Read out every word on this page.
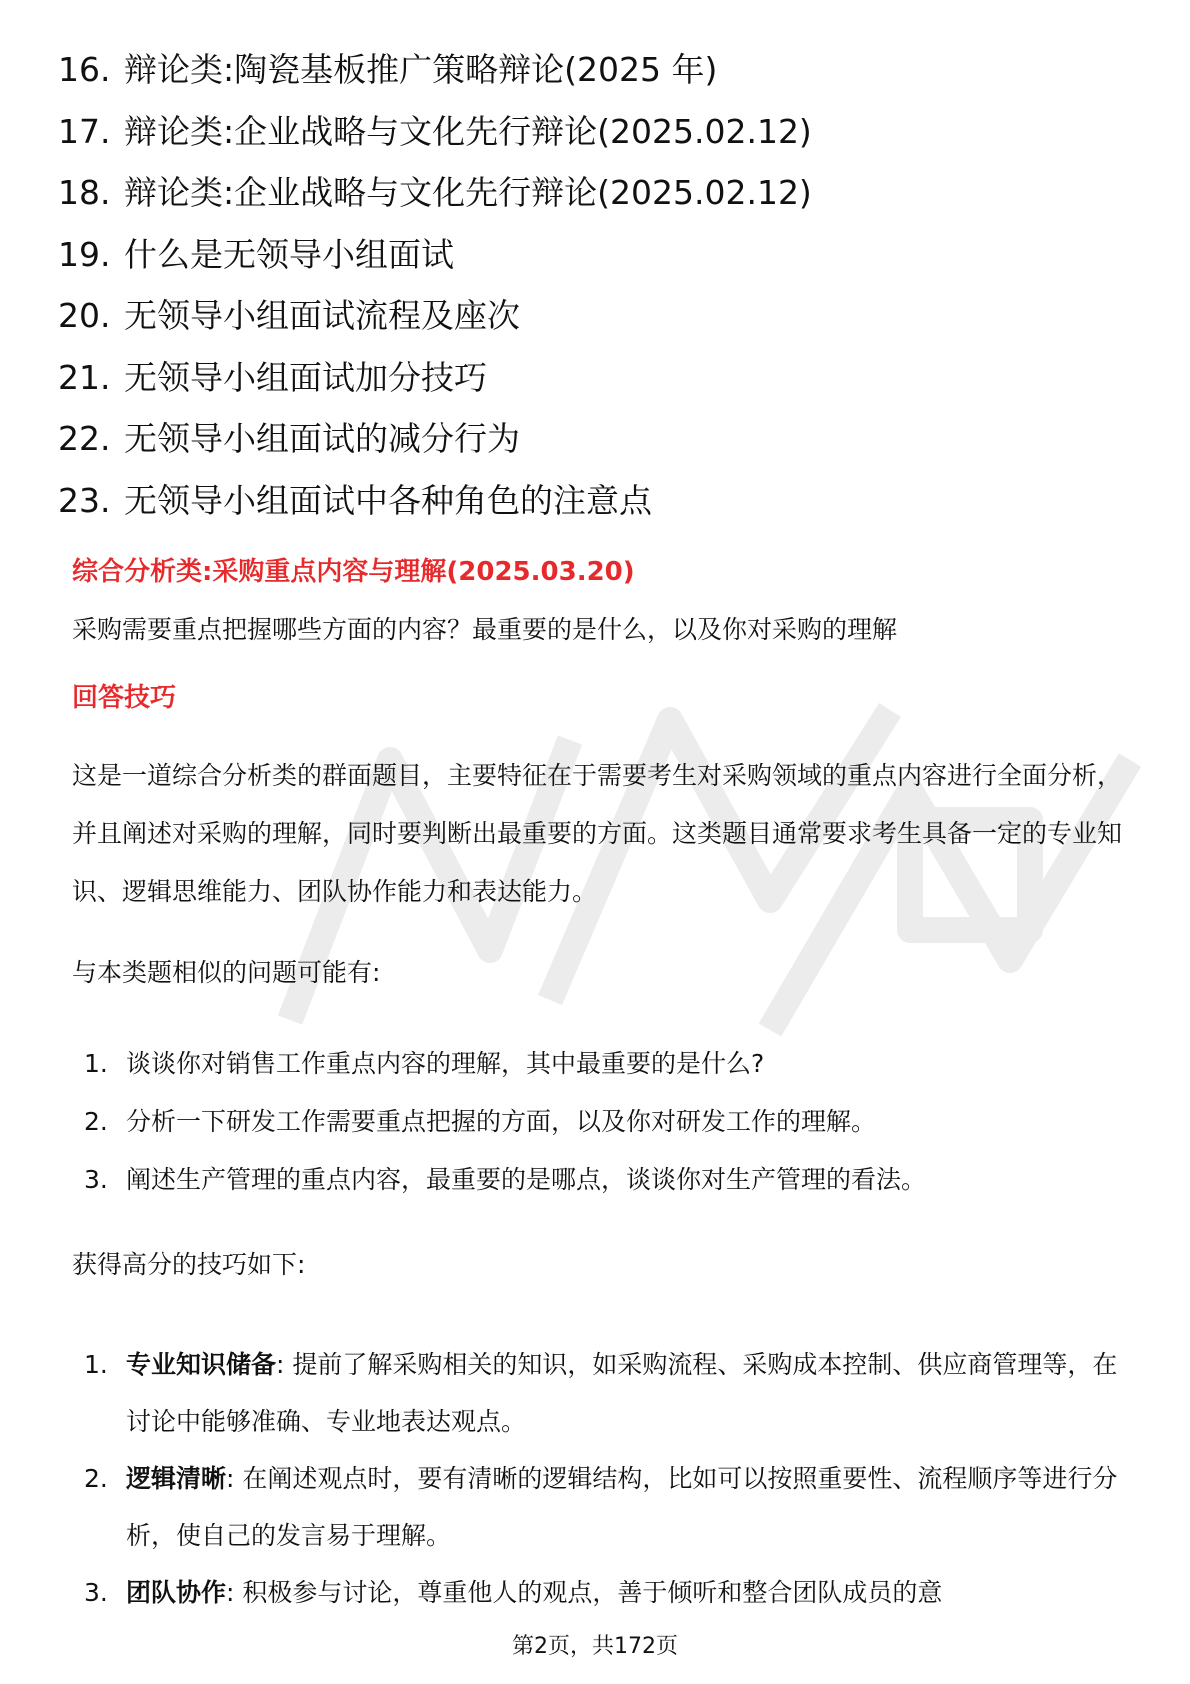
16. 辩论类:陶瓷基板推广策略辩论(2025 年)
17. 辩论类:企业战略与文化先行辩论(2025.02.12)
18. 辩论类:企业战略与文化先行辩论(2025.02.12)
19. 什么是无领导小组面试
20. 无领导小组面试流程及座次
21. 无领导小组面试加分技巧
22. 无领导小组面试的减分行为
23. 无领导小组面试中各种角色的注意点
综合分析类:采购重点内容与理解(2025.03.20)
采购需要重点把握哪些方面的内容？最重要的是什么，以及你对采购的理解
回答技巧
这是一道综合分析类的群面题目，主要特征在于需要考生对采购领域的重点内容进行全面分析，并且阐述对采购的理解，同时要判断出最重要的方面。这类题目通常要求考生具备一定的专业知识、逻辑思维能力、团队协作能力和表达能力。
与本类题相似的问题可能有:
1. 谈谈你对销售工作重点内容的理解，其中最重要的是什么?
2. 分析一下研发工作需要重点把握的方面，以及你对研发工作的理解。
3. 阐述生产管理的重点内容，最重要的是哪点，谈谈你对生产管理的看法。
获得高分的技巧如下:
1. 专业知识储备: 提前了解采购相关的知识，如采购流程、采购成本控制、供应商管理等，在讨论中能够准确、专业地表达观点。
2. 逻辑清晰: 在阐述观点时，要有清晰的逻辑结构，比如可以按照重要性、流程顺序等进行分析，使自己的发言易于理解。
3. 团队协作: 积极参与讨论，尊重他人的观点，善于倾听和整合团队成员的意
第2页，共172页
